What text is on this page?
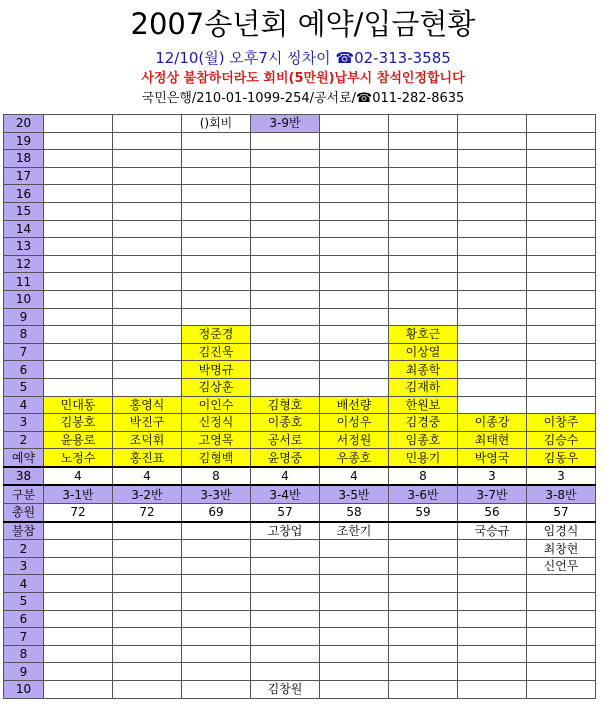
2007송년회 예약/입금현황
12/10(월) 오후7시 씽차이 ☎02-313-3585
사정상 불참하더라도 회비(5만원)납부시 참석인정합니다
국민은행/210-01-1099-254/공서로/☎011-282-8635
20			()회비	3-9반				
19								
18								
17								
16								
15								
14								
13								
12								
11								
10								
9								
8			정준경			황호근		
7			김진욱			이상열		
6			박명규			최종학		
5			김상훈			김재하		
4	민대동	홍영식	이인수	김형호	배선량	한원보		
3	김봉호	박진구	신정식	이종호	이성우	김경중	이종강	이창주
2	윤용로	조덕휘	고영목	공서로	서정원	임종호	최태현	김승수
예약	노정수	홍진표	김형백	윤명중	우종호	민용기	박영국	김동우
38	4	4	8	4	4	8	3	3
구분	3-1반	3-2반	3-3반	3-4반	3-5반	3-6반	3-7반	3-8반
총원	72	72	69	57	58	59	56	57
불참				고창업	조한기		국승규	임경식
2								최창현
3								신언무
4								
5								
6								
7								
8								
9								
10				김창원				
